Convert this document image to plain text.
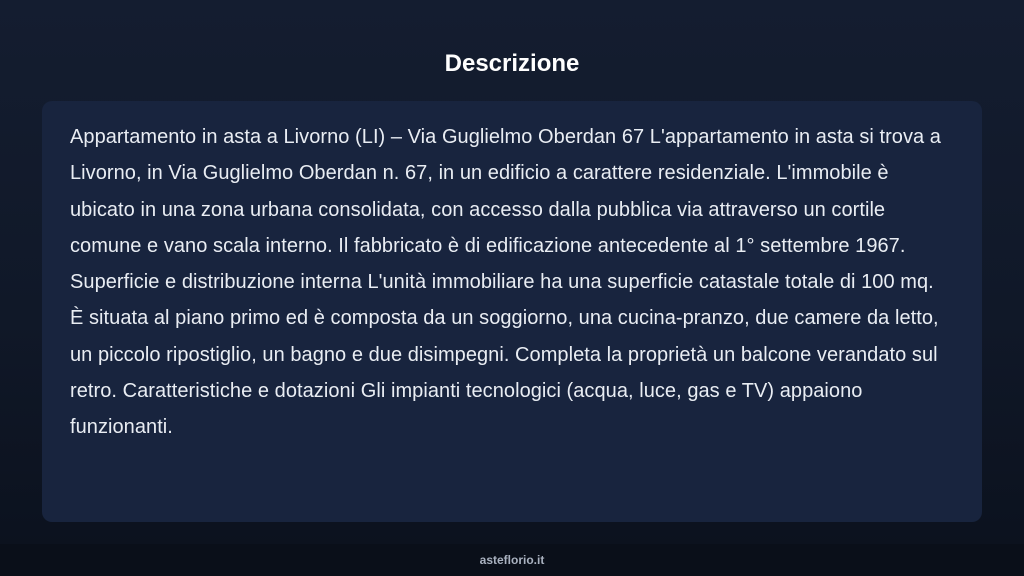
Descrizione

Appartamento in asta a Livorno (LI) – Via Guglielmo Oberdan 67 L'appartamento in asta si trova a Livorno, in Via Guglielmo Oberdan n. 67, in un edificio a carattere residenziale. L'immobile è ubicato in una zona urbana consolidata, con accesso dalla pubblica via attraverso un cortile comune e vano scala interno. Il fabbricato è di edificazione antecedente al 1° settembre 1967. Superficie e distribuzione interna L'unità immobiliare ha una superficie catastale totale di 100 mq. È situata al piano primo ed è composta da un soggiorno, una cucina-pranzo, due camere da letto, un piccolo ripostiglio, un bagno e due disimpegni. Completa la proprietà un balcone verandato sul retro. Caratteristiche e dotazioni Gli impianti tecnologici (acqua, luce, gas e TV) appaiono funzionanti.

asteflorio.it
